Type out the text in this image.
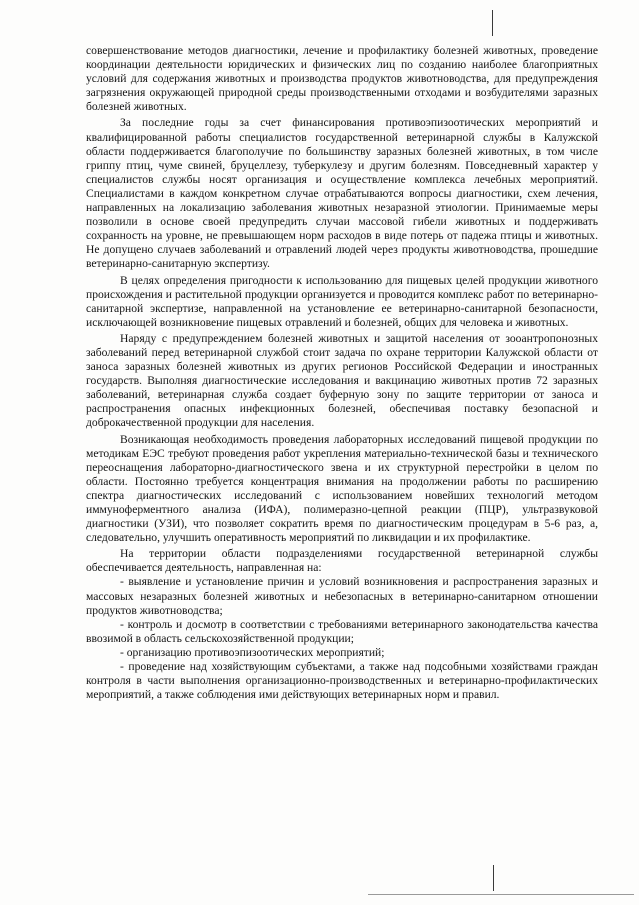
совершенствование методов диагностики, лечение и профилактику болезней животных, проведение координации деятельности юридических и физических лиц по созданию наиболее благоприятных условий для содержания животных и производства продуктов животноводства, для предупреждения загрязнения окружающей природной среды производственными отходами и возбудителями заразных болезней животных.

За последние годы за счет финансирования противоэпизоотических мероприятий и квалифицированной работы специалистов государственной ветеринарной службы в Калужской области поддерживается благополучие по большинству заразных болезней животных, в том числе гриппу птиц, чуме свиней, бруцеллезу, туберкулезу и другим болезням. Повседневный характер у специалистов службы носят организация и осуществление комплекса лечебных мероприятий. Специалистами в каждом конкретном случае отрабатываются вопросы диагностики, схем лечения, направленных на локализацию заболевания животных незаразной этиологии. Принимаемые меры позволили в основе своей предупредить случаи массовой гибели животных и поддерживать сохранность на уровне, не превышающем норм расходов в виде потерь от падежа птицы и животных. Не допущено случаев заболеваний и отравлений людей через продукты животноводства, прошедшие ветеринарно-санитарную экспертизу.

В целях определения пригодности к использованию для пищевых целей продукции животного происхождения и растительной продукции организуется и проводится комплекс работ по ветеринарно-санитарной экспертизе, направленной на установление ее ветеринарно-санитарной безопасности, исключающей возникновение пищевых отравлений и болезней, общих для человека и животных.

Наряду с предупреждением болезней животных и защитой населения от зооантропонозных заболеваний перед ветеринарной службой стоит задача по охране территории Калужской области от заноса заразных болезней животных из других регионов Российской Федерации и иностранных государств. Выполняя диагностические исследования и вакцинацию животных против 72 заразных заболеваний, ветеринарная служба создает буферную зону по защите территории от заноса и распространения опасных инфекционных болезней, обеспечивая поставку безопасной и доброкачественной продукции для населения.

Возникающая необходимость проведения лабораторных исследований пищевой продукции по методикам ЕЭС требуют проведения работ укрепления материально-технической базы и технического переоснащения лабораторно-диагностического звена и их структурной перестройки в целом по области. Постоянно требуется концентрация внимания на продолжении работы по расширению спектра диагностических исследований с использованием новейших технологий методом иммуноферментного анализа (ИФА), полимеразно-цепной реакции (ПЦР), ультразвуковой диагностики (УЗИ), что позволяет сократить время по диагностическим процедурам в 5-6 раз, а, следовательно, улучшить оперативность мероприятий по ликвидации и их профилактике.

На территории области подразделениями государственной ветеринарной службы обеспечивается деятельность, направленная на:

- выявление и установление причин и условий возникновения и распространения заразных и массовых незаразных болезней животных и небезопасных в ветеринарно-санитарном отношении продуктов животноводства;

- контроль и досмотр в соответствии с требованиями ветеринарного законодательства качества ввозимой в область сельскохозяйственной продукции;

- организацию противоэпизоотических мероприятий;

- проведение над хозяйствующим субъектами, а также над подсобными хозяйствами граждан контроля в части выполнения организационно-производственных и ветеринарно-профилактических мероприятий, а также соблюдения ими действующих ветеринарных норм и правил.
